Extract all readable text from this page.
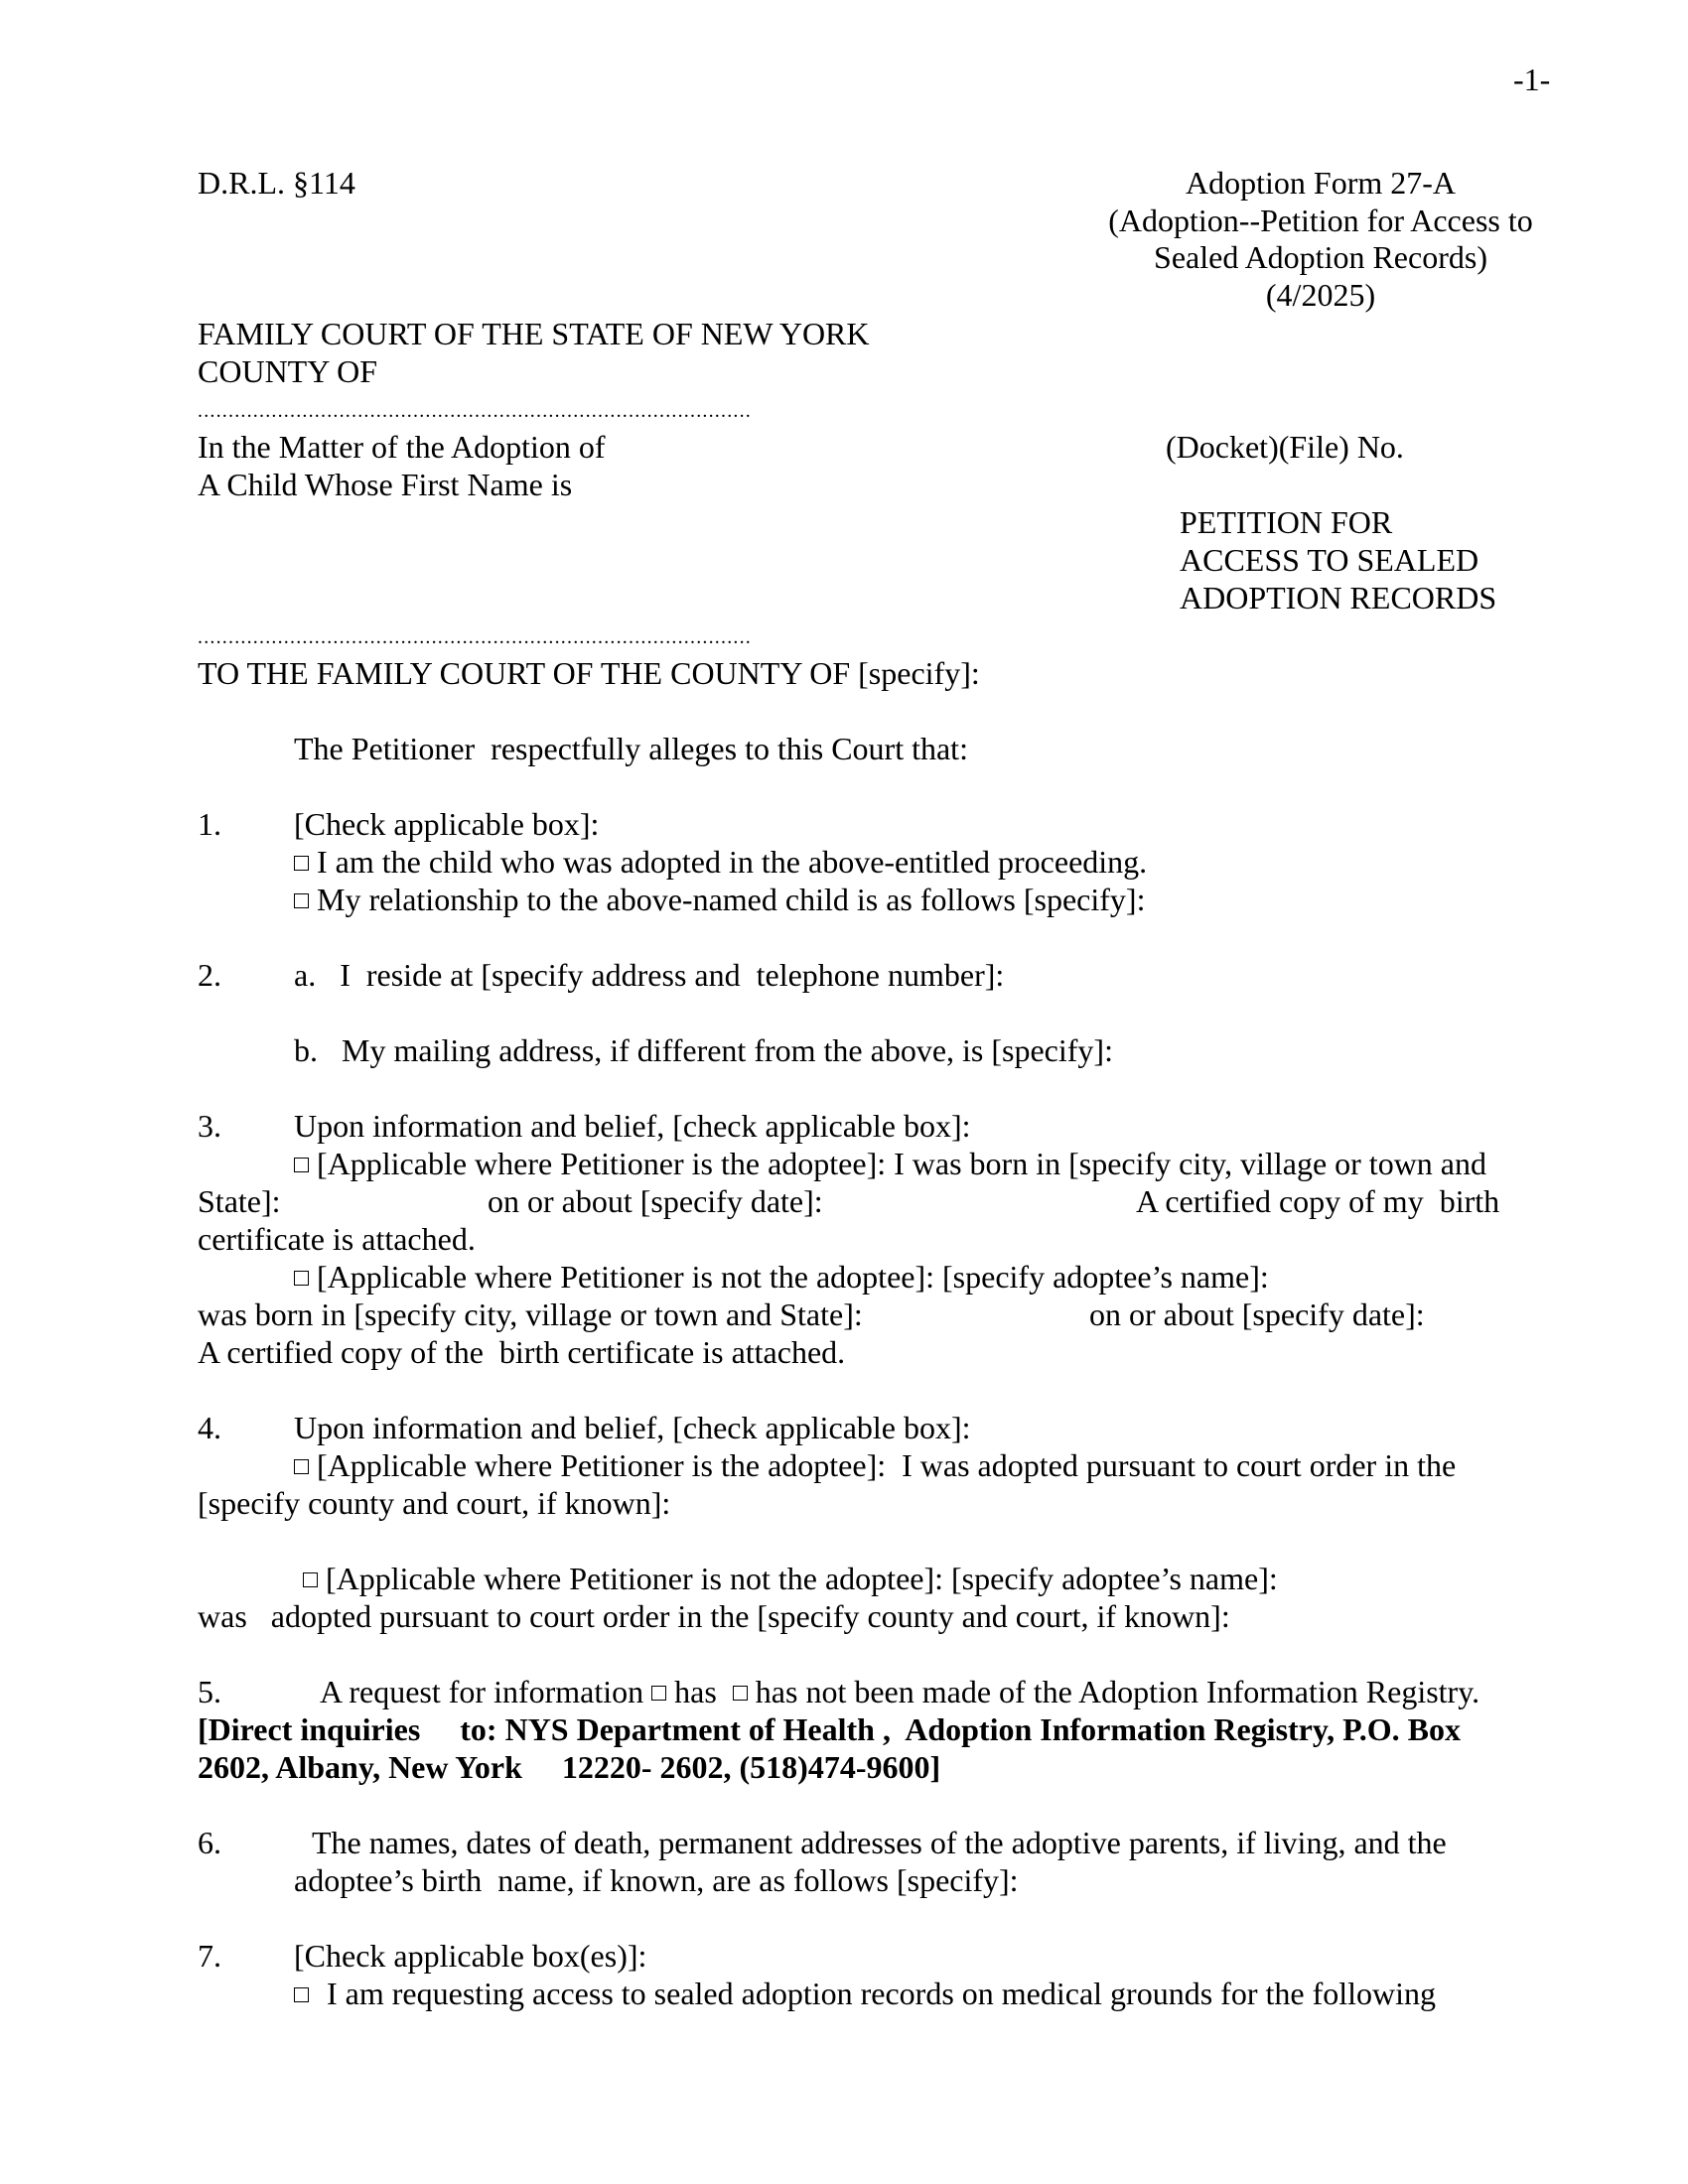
-1-
D.R.L. §114	Adoption Form 27-A
(Adoption--Petition for Access to
Sealed Adoption Records)
(4/2025)
FAMILY COURT OF THE STATE OF NEW YORK
COUNTY OF
..........................................................................................
In the Matter of the Adoption of
A Child Whose First Name is
(Docket)(File) No.
PETITION FOR
ACCESS TO SEALED
ADOPTION RECORDS
..........................................................................................
TO THE FAMILY COURT OF THE COUNTY OF [specify]:
The Petitioner  respectfully alleges to this Court that:
1. [Check applicable box]:
I am the child who was adopted in the above-entitled proceeding.
My relationship to the above-named child is as follows [specify]:
2. a.   I  reside at [specify address and  telephone number]:
b.   My mailing address, if different from the above, is [specify]:
3. Upon information and belief, [check applicable box]:
[Applicable where Petitioner is the adoptee]: I was born in [specify city, village or town and
State]:	on or about [specify date]:	A certified copy of my  birth
certificate is attached.
[Applicable where Petitioner is not the adoptee]: [specify adoptee’s name]:
was born in [specify city, village or town and State]:	on or about [specify date]:
A certified copy of the  birth certificate is attached.
4. Upon information and belief, [check applicable box]:
[Applicable where Petitioner is the adoptee]:  I was adopted pursuant to court order in the
[specify county and court, if known]:
[Applicable where Petitioner is not the adoptee]: [specify adoptee’s name]:
was   adopted pursuant to court order in the [specify county and court, if known]:
5.	A request for information has has not been made of the Adoption Information Registry.
[Direct inquiries     to: NYS Department of Health ,  Adoption Information Registry, P.O. Box
2602, Albany, New York     12220- 2602, (518)474-9600]
6.	The names, dates of death, permanent addresses of the adoptive parents, if living, and the
adoptee’s birth  name, if known, are as follows [specify]:
7. [Check applicable box(es)]:
I am requesting access to sealed adoption records on medical grounds for the following
